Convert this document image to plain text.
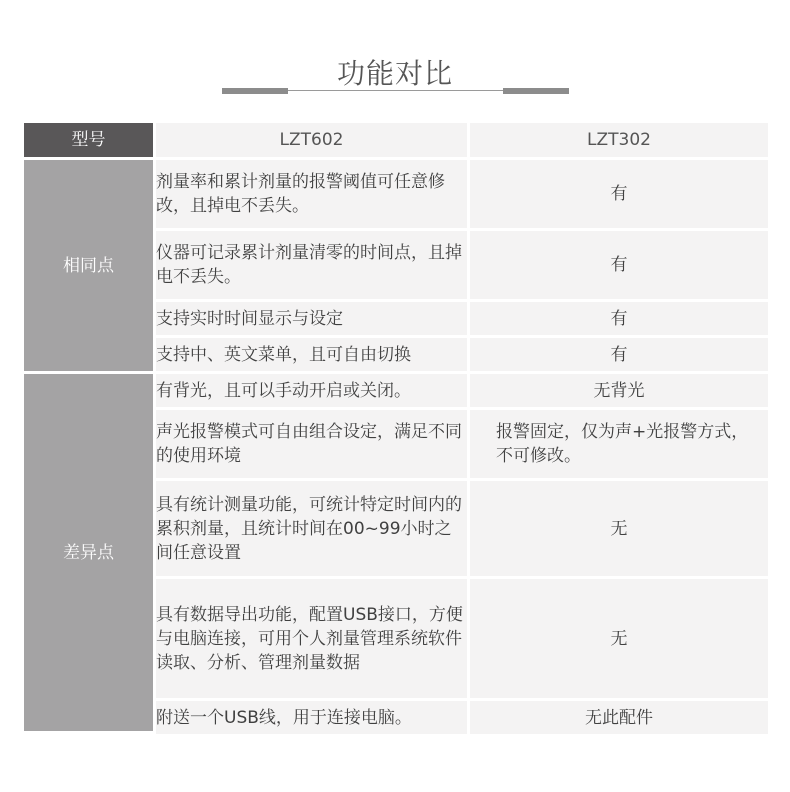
功能对比
型号	LZT602	LZT302
相同点	剂量率和累计剂量的报警阈值可任意修改，且掉电不丢失。	有
	仪器可记录累计剂量清零的时间点，且掉电不丢失。	有
	支持实时时间显示与设定	有
	支持中、英文菜单，且可自由切换	有
差异点	有背光，且可以手动开启或关闭。	无背光
	声光报警模式可自由组合设定，满足不同的使用环境	报警固定，仅为声+光报警方式，不可修改。
	具有统计测量功能，可统计特定时间内的累积剂量，且统计时间在00~99小时之间任意设置	无
	具有数据导出功能，配置USB接口，方便与电脑连接，可用个人剂量管理系统软件读取、分析、管理剂量数据	无
	附送一个USB线，用于连接电脑。	无此配件
